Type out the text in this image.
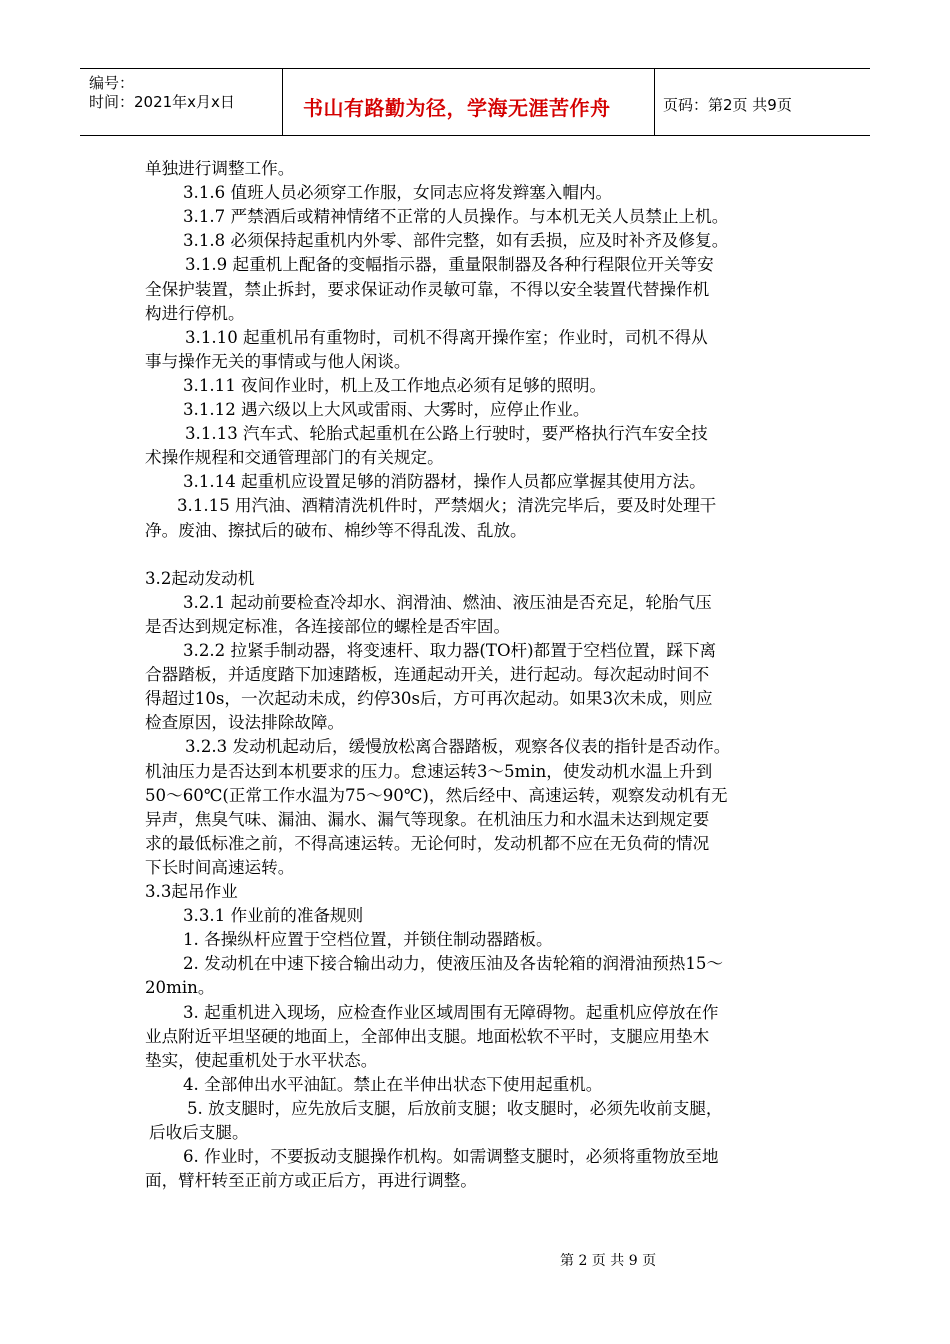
编号：
时间：2021年x月x日	书山有路勤为径，学海无涯苦作舟	页码：第2页 共9页
单独进行调整工作。
3.1.6 值班人员必须穿工作服，女同志应将发辫塞入帽内。
3.1.7 严禁酒后或精神情绪不正常的人员操作。与本机无关人员禁止上机。
3.1.8 必须保持起重机内外零、部件完整，如有丢损，应及时补齐及修复。
3.1.9 起重机上配备的变幅指示器，重量限制器及各种行程限位开关等安
全保护装置，禁止拆封，要求保证动作灵敏可靠，不得以安全装置代替操作机
构进行停机。
3.1.10 起重机吊有重物时，司机不得离开操作室；作业时，司机不得从
事与操作无关的事情或与他人闲谈。
3.1.11 夜间作业时，机上及工作地点必须有足够的照明。
3.1.12 遇六级以上大风或雷雨、大雾时，应停止作业。
3.1.13 汽车式、轮胎式起重机在公路上行驶时，要严格执行汽车安全技
术操作规程和交通管理部门的有关规定。
3.1.14 起重机应设置足够的消防器材，操作人员都应掌握其使用方法。
3.1.15 用汽油、酒精清洗机件时，严禁烟火；清洗完毕后，要及时处理干
净。废油、擦拭后的破布、棉纱等不得乱泼、乱放。
3.2起动发动机
3.2.1 起动前要检查冷却水、润滑油、燃油、液压油是否充足，轮胎气压
是否达到规定标准，各连接部位的螺栓是否牢固。
3.2.2 拉紧手制动器，将变速杆、取力器(TO杆)都置于空档位置，踩下离
合器踏板，并适度踏下加速踏板，连通起动开关，进行起动。每次起动时间不
得超过10s，一次起动未成，约停30s后，方可再次起动。如果3次未成，则应
检查原因，设法排除故障。
3.2.3 发动机起动后，缓慢放松离合器踏板，观察各仪表的指针是否动作。
机油压力是否达到本机要求的压力。怠速运转3～5min，使发动机水温上升到
50～60℃(正常工作水温为75～90℃)，然后经中、高速运转，观察发动机有无
异声，焦臭气味、漏油、漏水、漏气等现象。在机油压力和水温未达到规定要
求的最低标准之前，不得高速运转。无论何时，发动机都不应在无负荷的情况
下长时间高速运转。
3.3起吊作业
3.3.1 作业前的准备规则
1. 各操纵杆应置于空档位置，并锁住制动器踏板。
2. 发动机在中速下接合输出动力，使液压油及各齿轮箱的润滑油预热15～
20min。
3. 起重机进入现场，应检查作业区域周围有无障碍物。起重机应停放在作
业点附近平坦坚硬的地面上，全部伸出支腿。地面松软不平时，支腿应用垫木
垫实，使起重机处于水平状态。
4. 全部伸出水平油缸。禁止在半伸出状态下使用起重机。
5. 放支腿时，应先放后支腿，后放前支腿；收支腿时，必须先收前支腿，
后收后支腿。
6. 作业时，不要扳动支腿操作机构。如需调整支腿时，必须将重物放至地
面，臂杆转至正前方或正后方，再进行调整。
第 2 页 共 9 页
